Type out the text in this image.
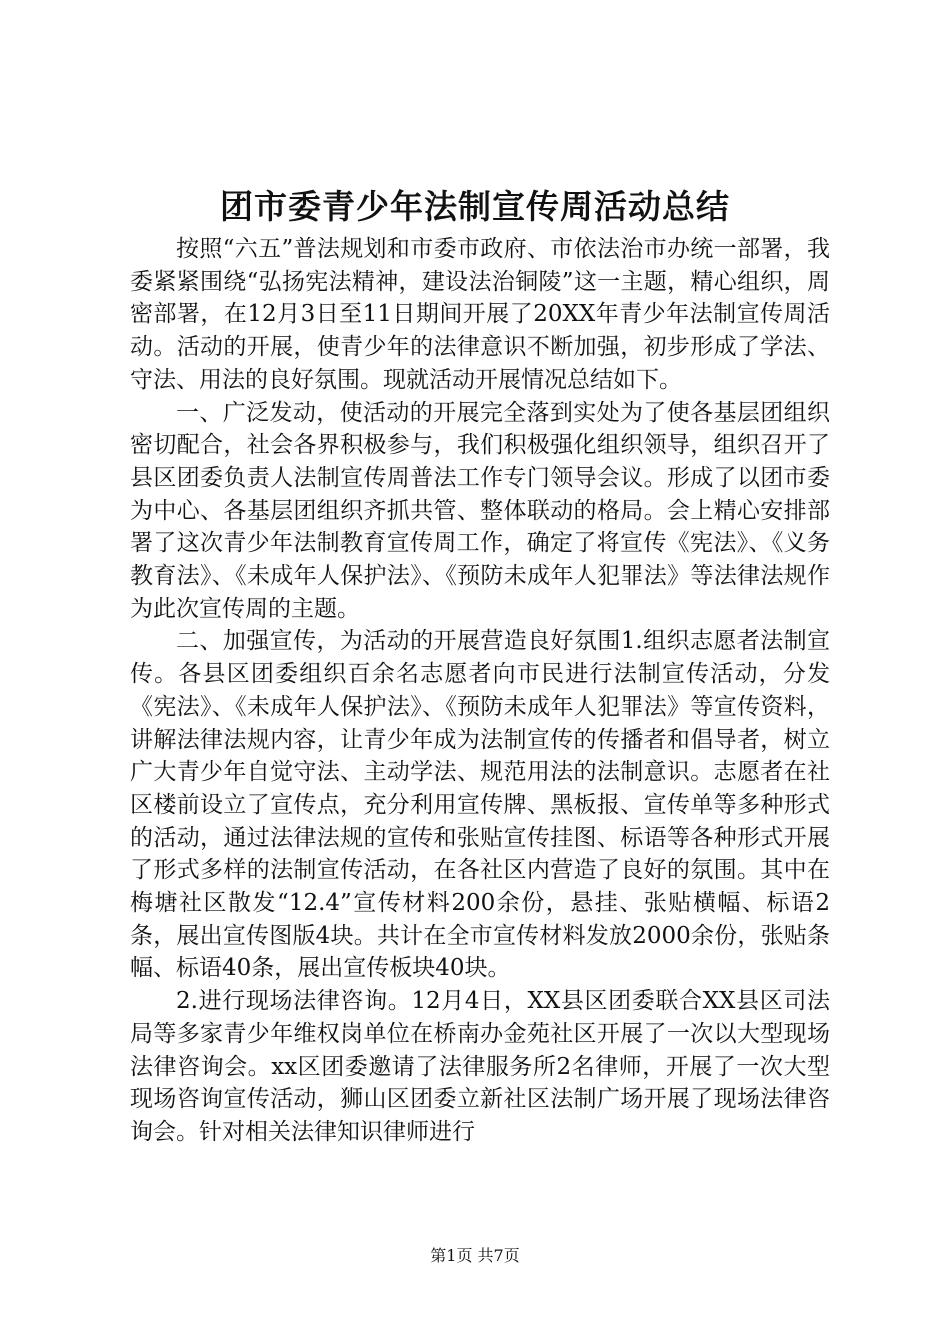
团市委青少年法制宣传周活动总结

按照“六五”普法规划和市委市政府、市依法治市办统一部署，我委紧紧围绕“弘扬宪法精神，建设法治铜陵”这一主题，精心组织，周密部署，在12月3日至11日期间开展了20XX年青少年法制宣传周活动。活动的开展，使青少年的法律意识不断加强，初步形成了学法、守法、用法的良好氛围。现就活动开展情况总结如下。

一、广泛发动，使活动的开展完全落到实处为了使各基层团组织密切配合，社会各界积极参与，我们积极强化组织领导，组织召开了县区团委负责人法制宣传周普法工作专门领导会议。形成了以团市委为中心、各基层团组织齐抓共管、整体联动的格局。会上精心安排部署了这次青少年法制教育宣传周工作，确定了将宣传《宪法》、《义务教育法》、《未成年人保护法》、《预防未成年人犯罪法》等法律法规作为此次宣传周的主题。

二、加强宣传，为活动的开展营造良好氛围1.组织志愿者法制宣传。各县区团委组织百余名志愿者向市民进行法制宣传活动，分发《宪法》、《未成年人保护法》、《预防未成年人犯罪法》等宣传资料，讲解法律法规内容，让青少年成为法制宣传的传播者和倡导者，树立广大青少年自觉守法、主动学法、规范用法的法制意识。志愿者在社区楼前设立了宣传点，充分利用宣传牌、黑板报、宣传单等多种形式的活动，通过法律法规的宣传和张贴宣传挂图、标语等各种形式开展了形式多样的法制宣传活动，在各社区内营造了良好的氛围。其中在梅塘社区散发“12.4”宣传材料200余份，悬挂、张贴横幅、标语2条，展出宣传图版4块。共计在全市宣传材料发放2000余份，张贴条幅、标语40条，展出宣传板块40块。

2.进行现场法律咨询。12月4日，XX县区团委联合XX县区司法局等多家青少年维权岗单位在桥南办金苑社区开展了一次以大型现场法律咨询会。xx区团委邀请了法律服务所2名律师，开展了一次大型现场咨询宣传活动，狮山区团委立新社区法制广场开展了现场法律咨询会。针对相关法律知识律师进行

第1页 共7页
